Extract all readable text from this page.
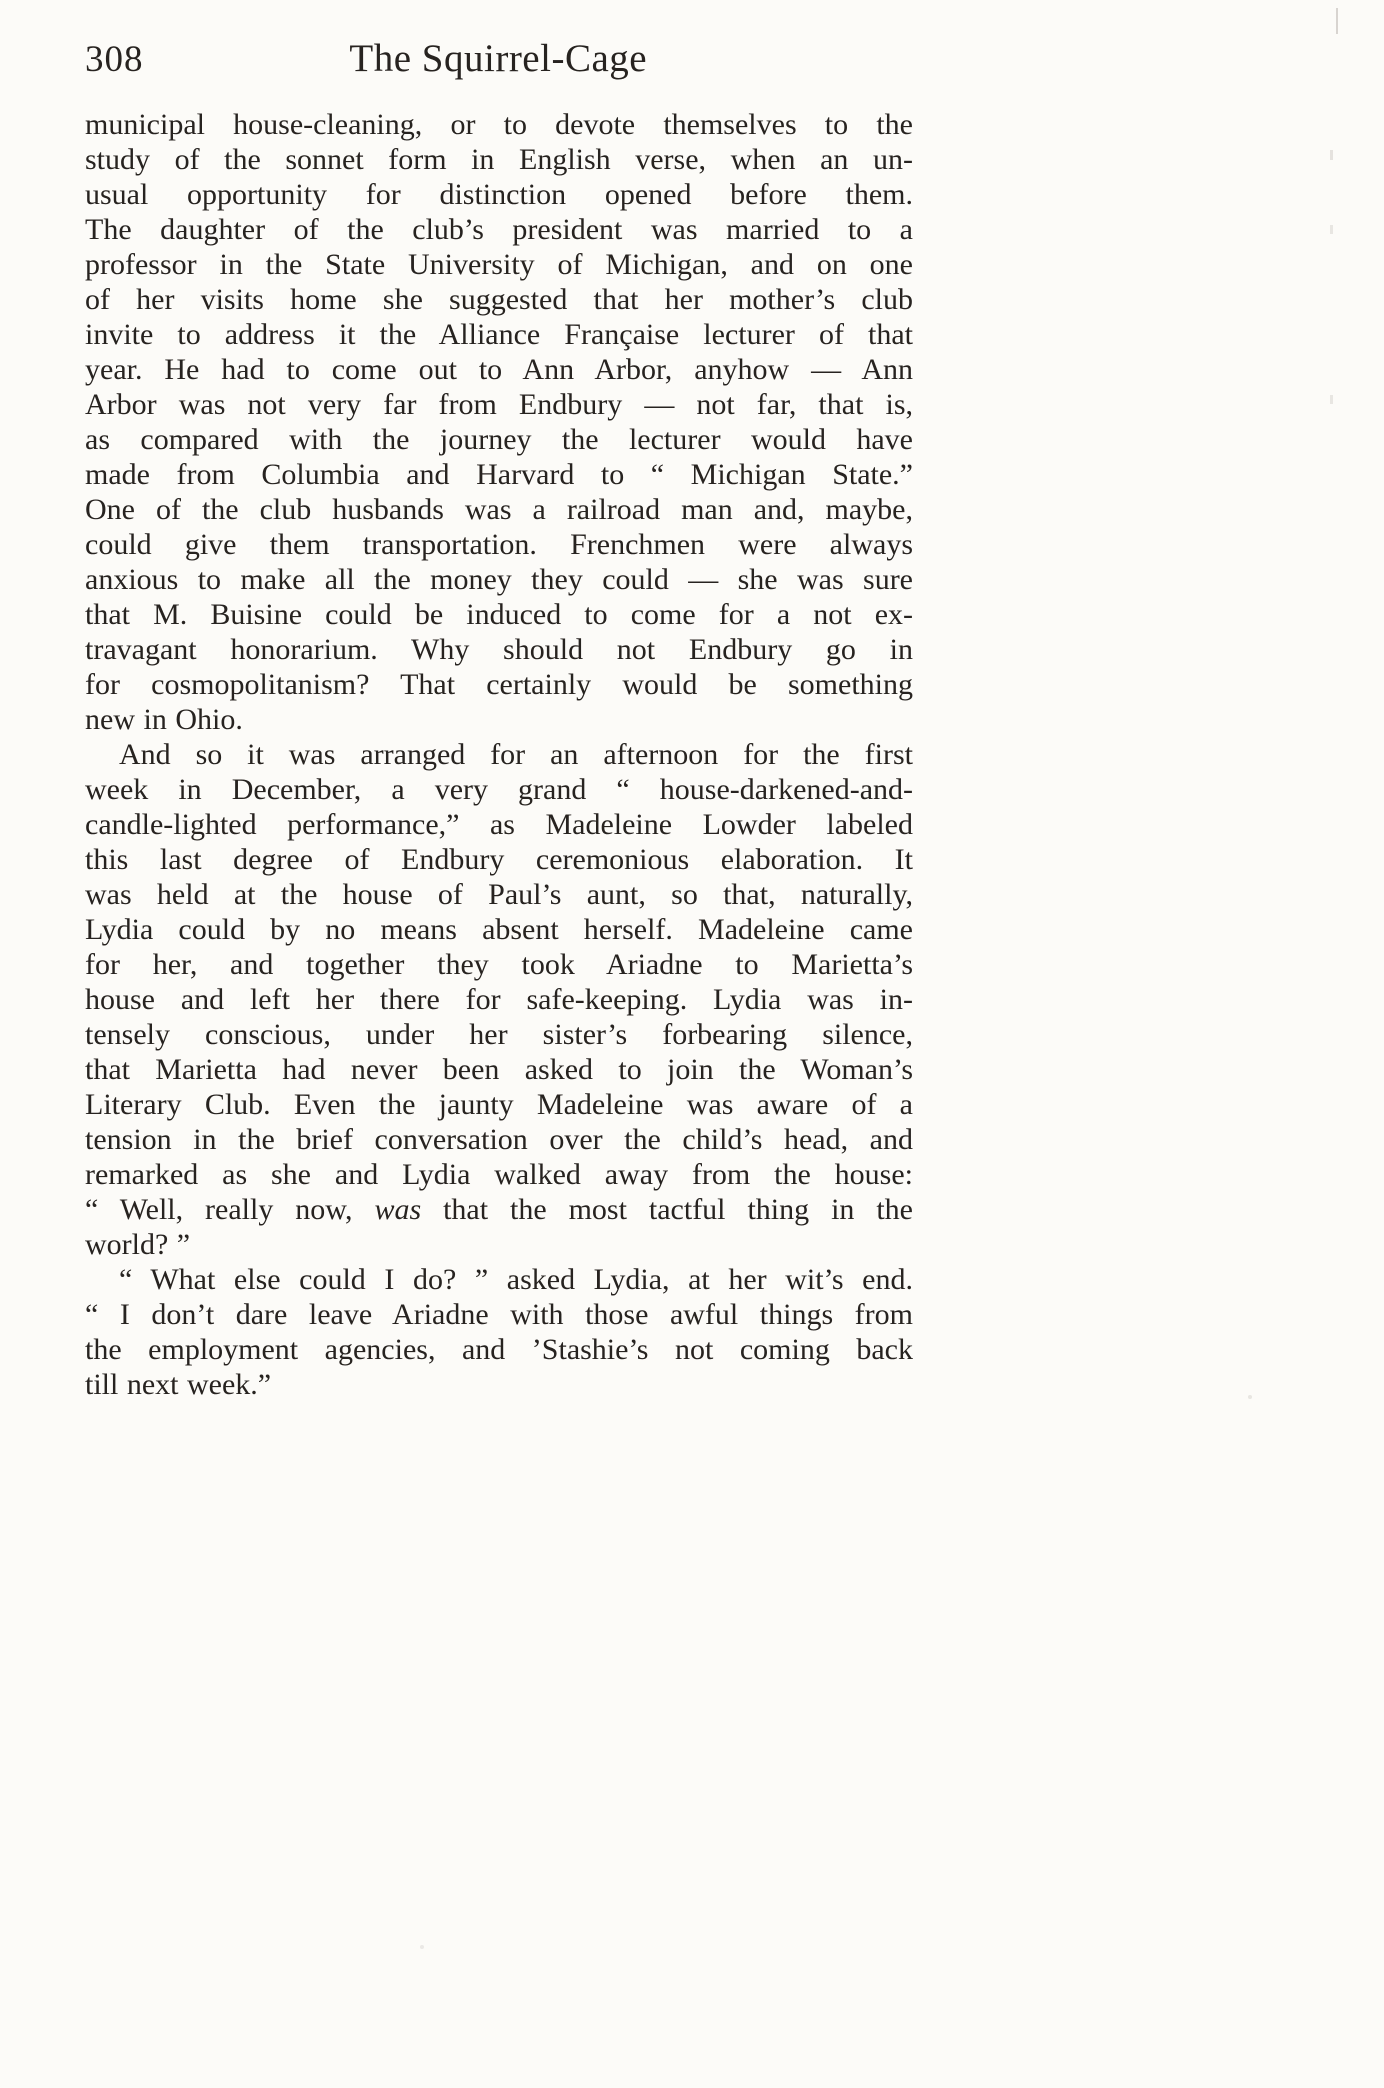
308	The Squirrel-Cage
municipal house-cleaning, or to devote themselves to the
study of the sonnet form in English verse, when an un-
usual opportunity for distinction opened before them.
The daughter of the club’s president was married to a
professor in the State University of Michigan, and on one
of her visits home she suggested that her mother’s club
invite to address it the Alliance Française lecturer of that
year. He had to come out to Ann Arbor, anyhow — Ann
Arbor was not very far from Endbury — not far, that is,
as compared with the journey the lecturer would have
made from Columbia and Harvard to “ Michigan State.”
One of the club husbands was a railroad man and, maybe,
could give them transportation. Frenchmen were always
anxious to make all the money they could — she was sure
that M. Buisine could be induced to come for a not ex-
travagant honorarium. Why should not Endbury go in
for cosmopolitanism? That certainly would be something
new in Ohio.
And so it was arranged for an afternoon for the first
week in December, a very grand “ house-darkened-and-
candle-lighted performance,” as Madeleine Lowder labeled
this last degree of Endbury ceremonious elaboration. It
was held at the house of Paul’s aunt, so that, naturally,
Lydia could by no means absent herself. Madeleine came
for her, and together they took Ariadne to Marietta’s
house and left her there for safe-keeping. Lydia was in-
tensely conscious, under her sister’s forbearing silence,
that Marietta had never been asked to join the Woman’s
Literary Club. Even the jaunty Madeleine was aware of a
tension in the brief conversation over the child’s head, and
remarked as she and Lydia walked away from the house:
“ Well, really now, was that the most tactful thing in the
world? ”
“ What else could I do? ” asked Lydia, at her wit’s end.
“ I don’t dare leave Ariadne with those awful things from
the employment agencies, and ’Stashie’s not coming back
till next week.”
